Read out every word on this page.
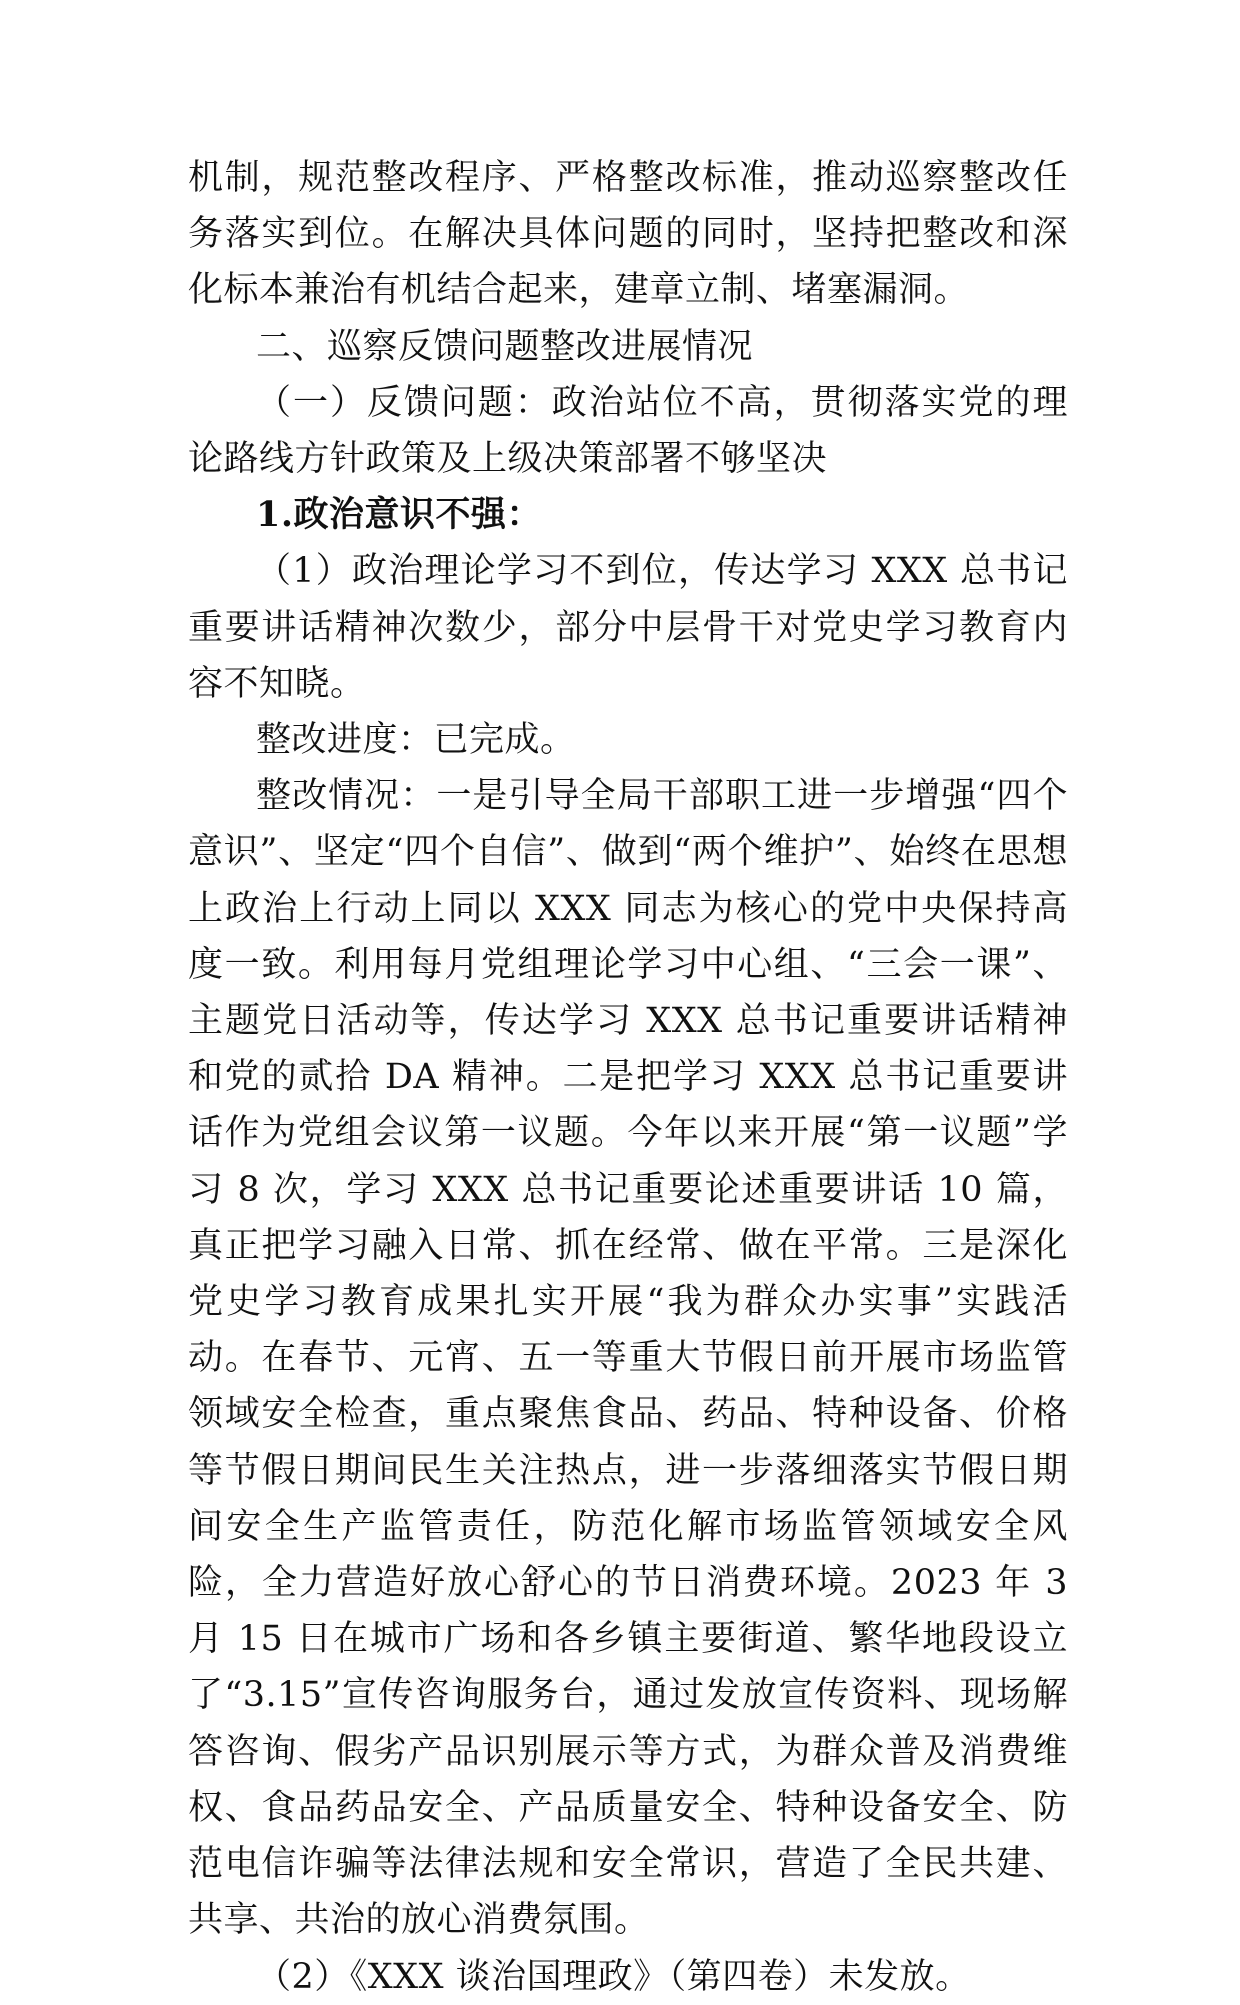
机制，规范整改程序、严格整改标准，推动巡察整改任务落实到位。在解决具体问题的同时，坚持把整改和深化标本兼治有机结合起来，建章立制、堵塞漏洞。

二、巡察反馈问题整改进展情况

（一）反馈问题：政治站位不高，贯彻落实党的理论路线方针政策及上级决策部署不够坚决

1.政治意识不强：

（1）政治理论学习不到位，传达学习 XXX 总书记重要讲话精神次数少，部分中层骨干对党史学习教育内容不知晓。

整改进度：已完成。

整改情况：一是引导全局干部职工进一步增强“四个意识”、坚定“四个自信”、做到“两个维护”、始终在思想上政治上行动上同以 XXX 同志为核心的党中央保持高度一致。利用每月党组理论学习中心组、“三会一课”、主题党日活动等，传达学习 XXX 总书记重要讲话精神和党的贰拾 DA 精神。二是把学习 XXX 总书记重要讲话作为党组会议第一议题。今年以来开展“第一议题”学习 8 次，学习 XXX 总书记重要论述重要讲话 10 篇，真正把学习融入日常、抓在经常、做在平常。三是深化党史学习教育成果扎实开展“我为群众办实事”实践活动。在春节、元宵、五一等重大节假日前开展市场监管领域安全检查，重点聚焦食品、药品、特种设备、价格等节假日期间民生关注热点，进一步落细落实节假日期间安全生产监管责任，防范化解市场监管领域安全风险，全力营造好放心舒心的节日消费环境。2023 年 3 月 15 日在城市广场和各乡镇主要街道、繁华地段设立了“3.15”宣传咨询服务台，通过发放宣传资料、现场解答咨询、假劣产品识别展示等方式，为群众普及消费维权、食品药品安全、产品质量安全、特种设备安全、防范电信诈骗等法律法规和安全常识，营造了全民共建、共享、共治的放心消费氛围。

（2）《XXX 谈治国理政》（第四卷）未发放。
